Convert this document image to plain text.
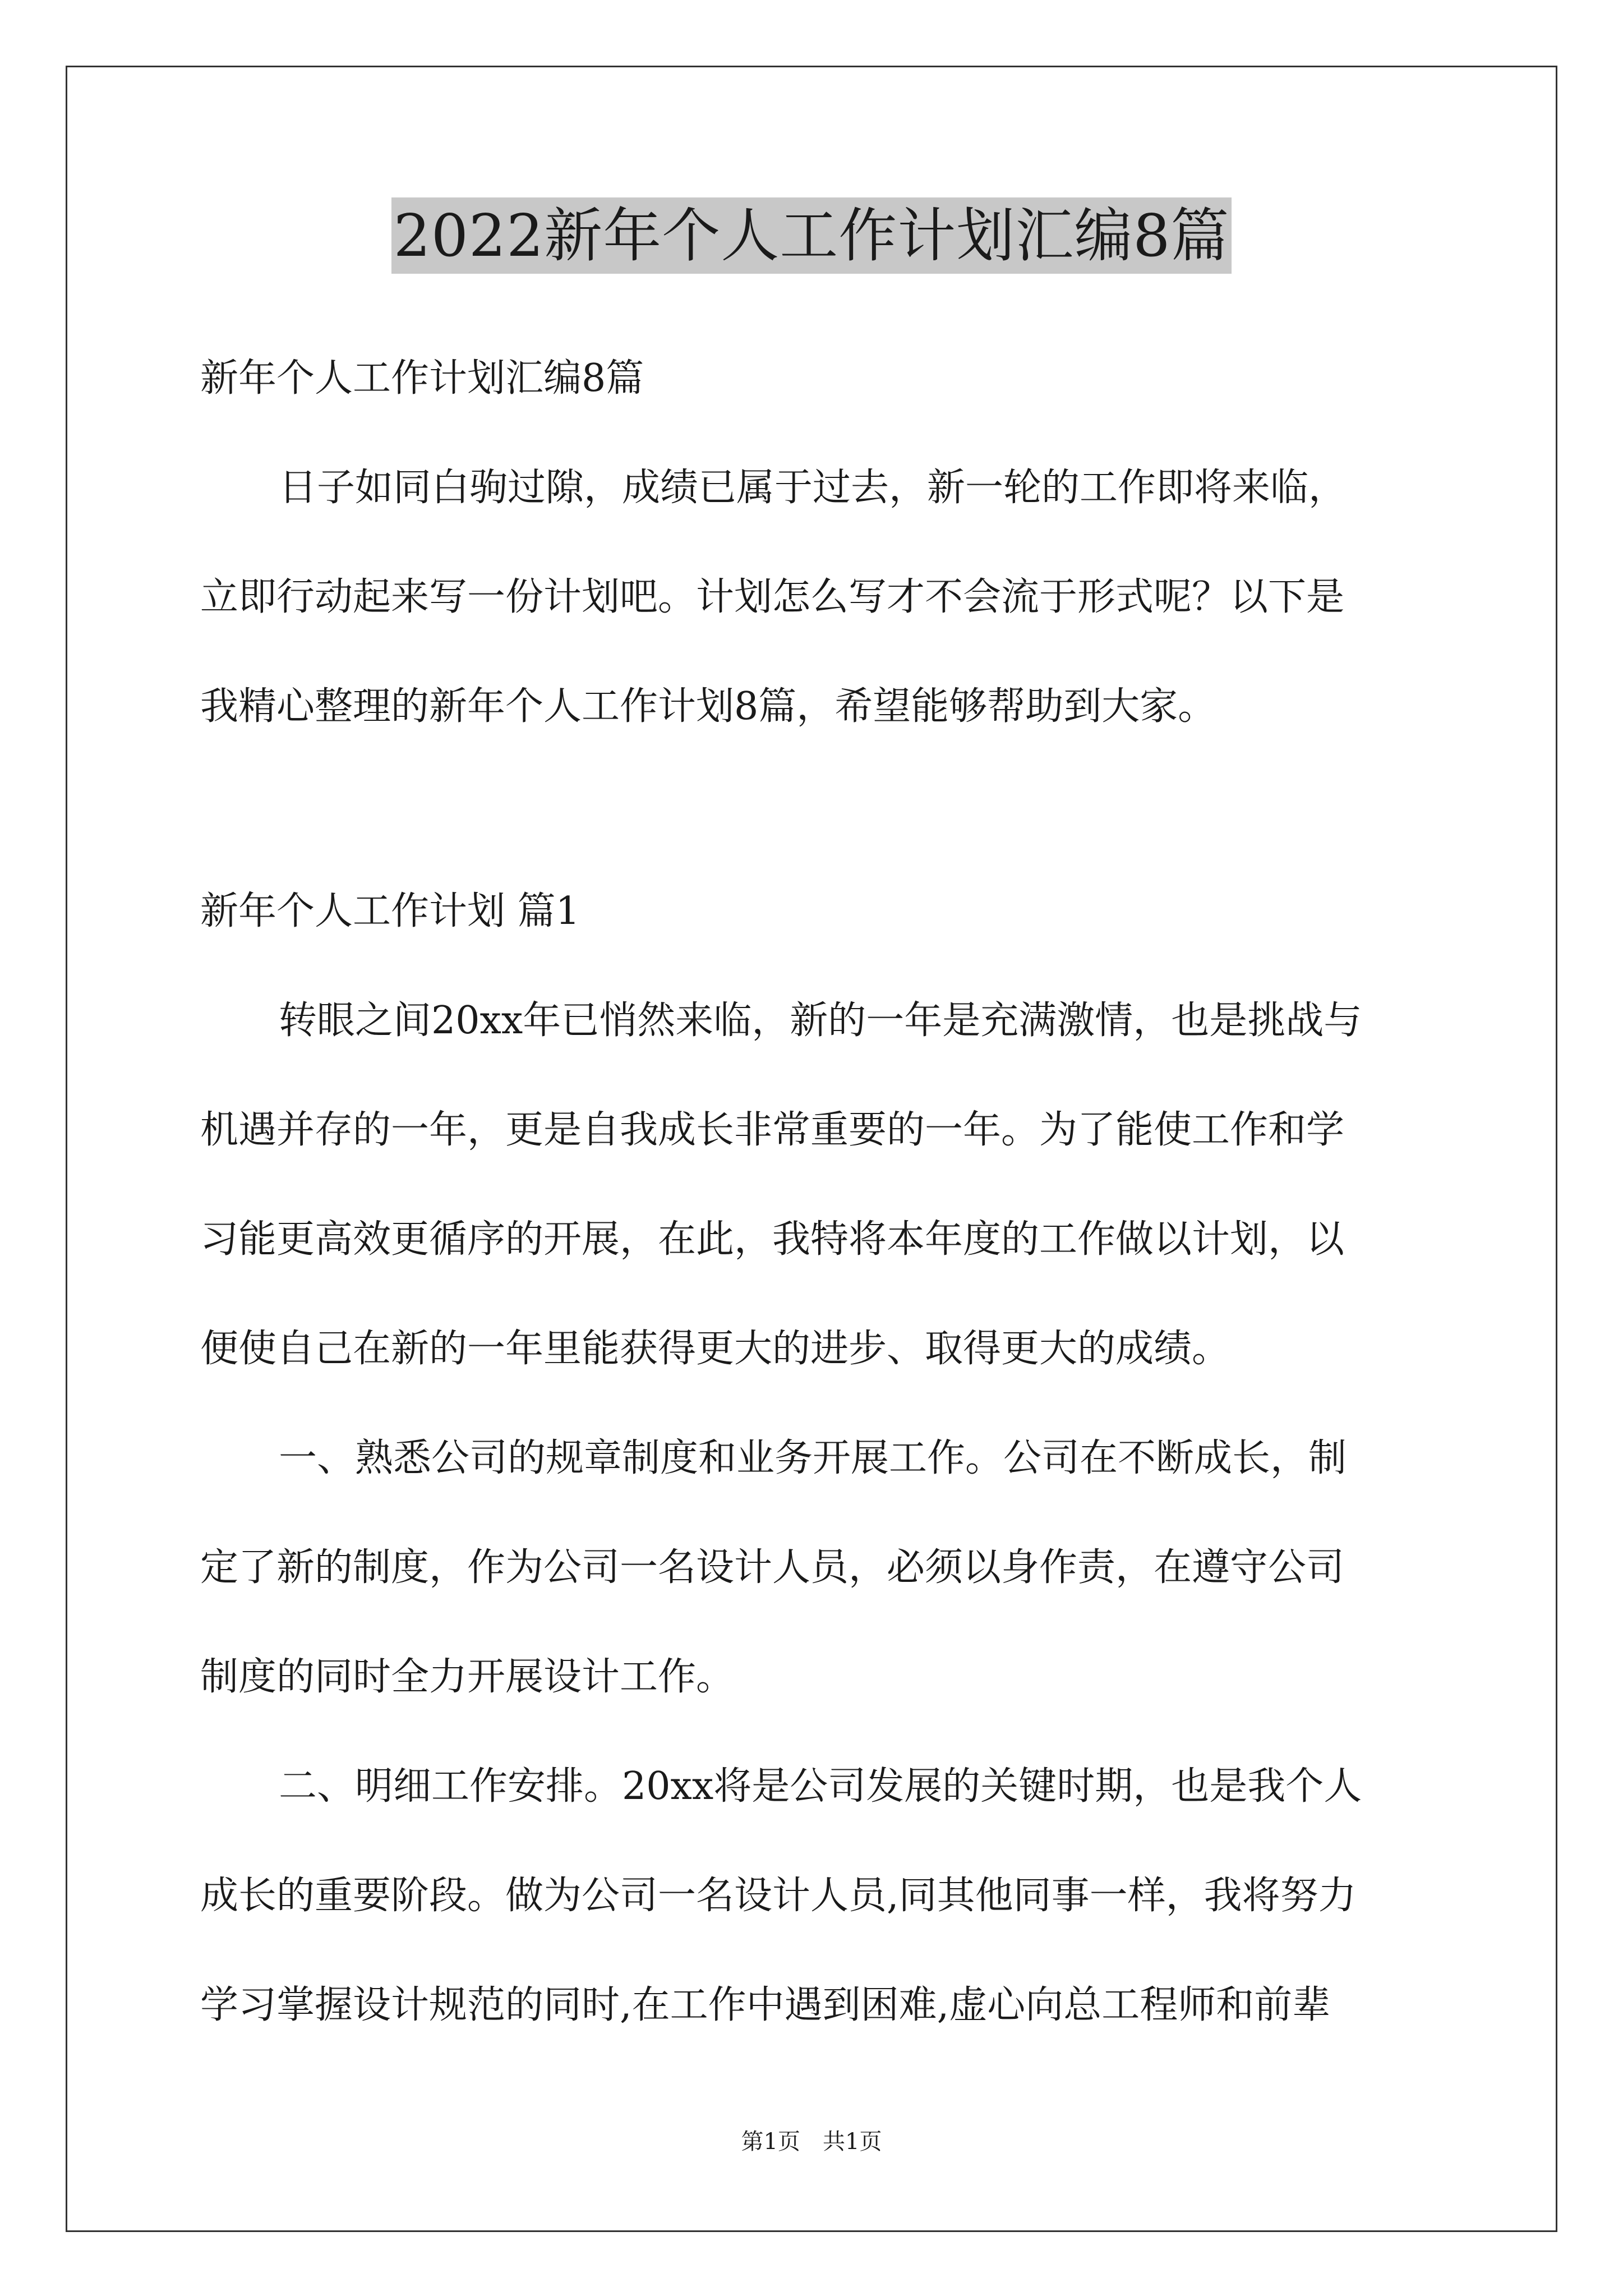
2022新年个人工作计划汇编8篇
新年个人工作计划汇编8篇
日子如同白驹过隙，成绩已属于过去，新一轮的工作即将来临，
立即行动起来写一份计划吧。计划怎么写才不会流于形式呢？以下是
我精心整理的新年个人工作计划8篇，希望能够帮助到大家。
新年个人工作计划 篇1
转眼之间20xx年已悄然来临，新的一年是充满激情，也是挑战与
机遇并存的一年，更是自我成长非常重要的一年。为了能使工作和学
习能更高效更循序的开展，在此，我特将本年度的工作做以计划，以
便使自己在新的一年里能获得更大的进步、取得更大的成绩。
一、熟悉公司的规章制度和业务开展工作。公司在不断成长，制
定了新的制度，作为公司一名设计人员，必须以身作责，在遵守公司
制度的同时全力开展设计工作。
二、明细工作安排。20xx将是公司发展的关键时期，也是我个人
成长的重要阶段。做为公司一名设计人员,同其他同事一样，我将努力
学习掌握设计规范的同时,在工作中遇到困难,虚心向总工程师和前辈
第1页　共1页
